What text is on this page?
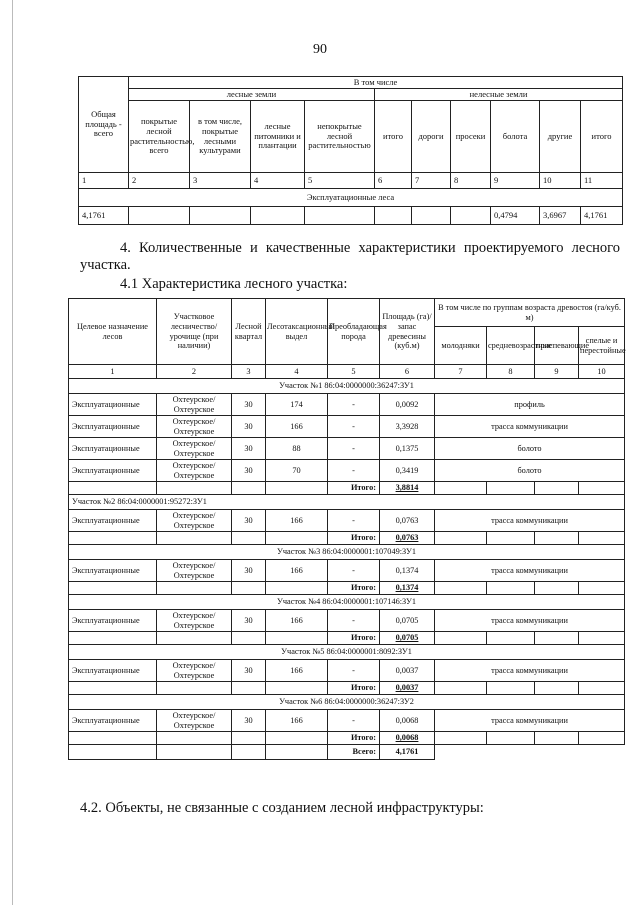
90
Общая площадь - всего	В том числе									
	лесные земли				нелесные земли					
	покрытые лесной растительностью, всего	в том числе, покрытые лесными культурами	лесные питомники и плантации	непокрытые лесной растительностью	итого	дороги	просеки	болота	другие	итого
1	2	3	4	5	6	7	8	9	10	11
Эксплуатационные леса										
4,1761								0,4794	3,6967	4,1761
4. Количественные и качественные характеристики проектируемого лесного участка.
4.1 Характеристика лесного участка:
Целевое назначение лесов	Участковое лесничество/ урочище (при наличии)	Лесной квартал	Лесотаксационный выдел	Преобладающая порода	Площадь (га)/ запас древесины (куб.м)	В том числе по группам возраста древостоя (га/куб. м)			
						молодняки	средневозрастные	приспевающие	спелые и перестойные
1	2	3	4	5	6	7	8	9	10
Участок №1 86:04:0000000:36247:ЗУ1									
Эксплуатационные	Охтеурское/ Охтеурское	30	174	-	0,0092	профиль			
Эксплуатационные	Охтеурское/ Охтеурское	30	166	-	3,3928	трасса коммуникации			
Эксплуатационные	Охтеурское/ Охтеурское	30	88	-	0,1375	болото			
Эксплуатационные	Охтеурское/ Охтеурское	30	70	-	0,3419	болото			
				Итого:	3,8814				
Участок №2 86:04:0000001:95272:ЗУ1									
Эксплуатационные	Охтеурское/ Охтеурское	30	166	-	0,0763	трасса коммуникации			
				Итого:	0,0763				
Участок №3 86:04:0000001:107049:ЗУ1									
Эксплуатационные	Охтеурское/ Охтеурское	30	166	-	0,1374	трасса коммуникации			
				Итого:	0,1374				
Участок №4 86:04:0000001:107146:ЗУ1									
Эксплуатационные	Охтеурское/ Охтеурское	30	166	-	0,0705	трасса коммуникации			
				Итого:	0,0705				
Участок №5 86:04:0000001:8092:ЗУ1									
Эксплуатационные	Охтеурское/ Охтеурское	30	166	-	0,0037	трасса коммуникации			
				Итого:	0,0037				
Участок №6 86:04:0000000:36247:ЗУ2									
Эксплуатационные	Охтеурское/ Охтеурское	30	166	-	0,0068	трасса коммуникации			
				Итого:	0,0068				
				Всего:	4,1761				
4.2. Объекты, не связанные с созданием лесной инфраструктуры:
